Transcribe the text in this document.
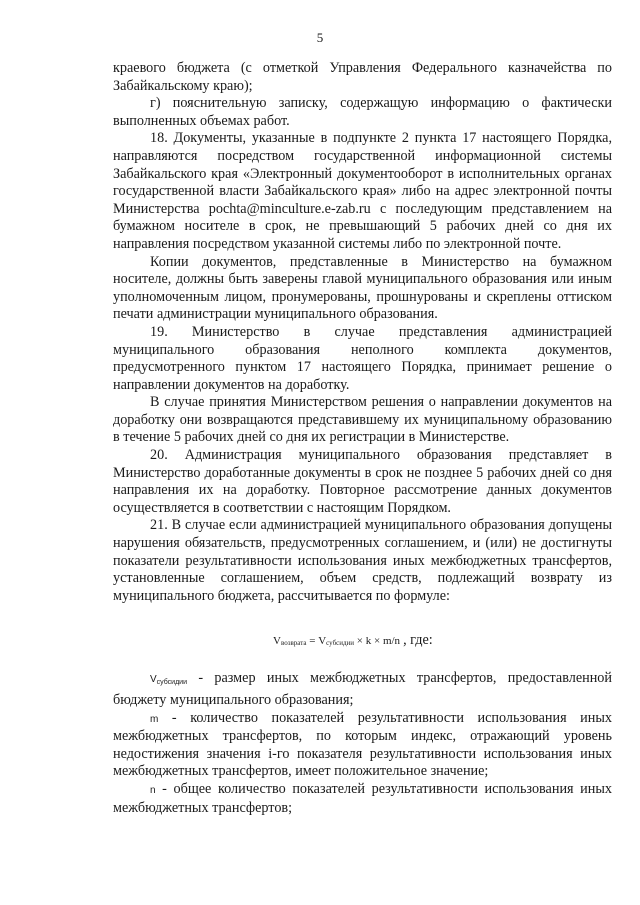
5

краевого бюджета (с отметкой Управления Федерального казначейства по Забайкальскому краю);

г) пояснительную записку, содержащую информацию о фактически выполненных объемах работ.

18. Документы, указанные в подпункте 2 пункта 17 настоящего Порядка, направляются посредством государственной информационной системы Забайкальского края «Электронный документооборот в исполнительных органах государственной власти Забайкальского края» либо на адрес электронной почты Министерства pochta@minculture.e-zab.ru с последующим представлением на бумажном носителе в срок, не превышающий 5 рабочих дней со дня их направления посредством указанной системы либо по электронной почте.

Копии документов, представленные в Министерство на бумажном носителе, должны быть заверены главой муниципального образования или иным уполномоченным лицом, пронумерованы, прошнурованы и скреплены оттиском печати администрации муниципального образования.

19. Министерство в случае представления администрацией муниципального образования неполного комплекта документов, предусмотренного пунктом 17 настоящего Порядка, принимает решение о направлении документов на доработку.

В случае принятия Министерством решения о направлении документов на доработку они возвращаются представившему их муниципальному образованию в течение 5 рабочих дней со дня их регистрации в Министерстве.

20. Администрация муниципального образования представляет в Министерство доработанные документы в срок не позднее 5 рабочих дней со дня направления их на доработку. Повторное рассмотрение данных документов осуществляется в соответствии с настоящим Порядком.

21. В случае если администрацией муниципального образования допущены нарушения обязательств, предусмотренных соглашением, и (или) не достигнуты показатели результативности использования иных межбюджетных трансфертов, установленные соглашением, объем средств, подлежащий возврату из муниципального бюджета, рассчитывается по формуле:

Vвозврата = Vсубсидии × k × m/n , где:

$V_{субсидии}$ - размер иных межбюджетных трансфертов, предоставленной бюджету муниципального образования;

m - количество показателей результативности использования иных межбюджетных трансфертов, по которым индекс, отражающий уровень недостижения значения i-го показателя результативности использования иных межбюджетных трансфертов, имеет положительное значение;

n - общее количество показателей результативности использования иных межбюджетных трансфертов;
